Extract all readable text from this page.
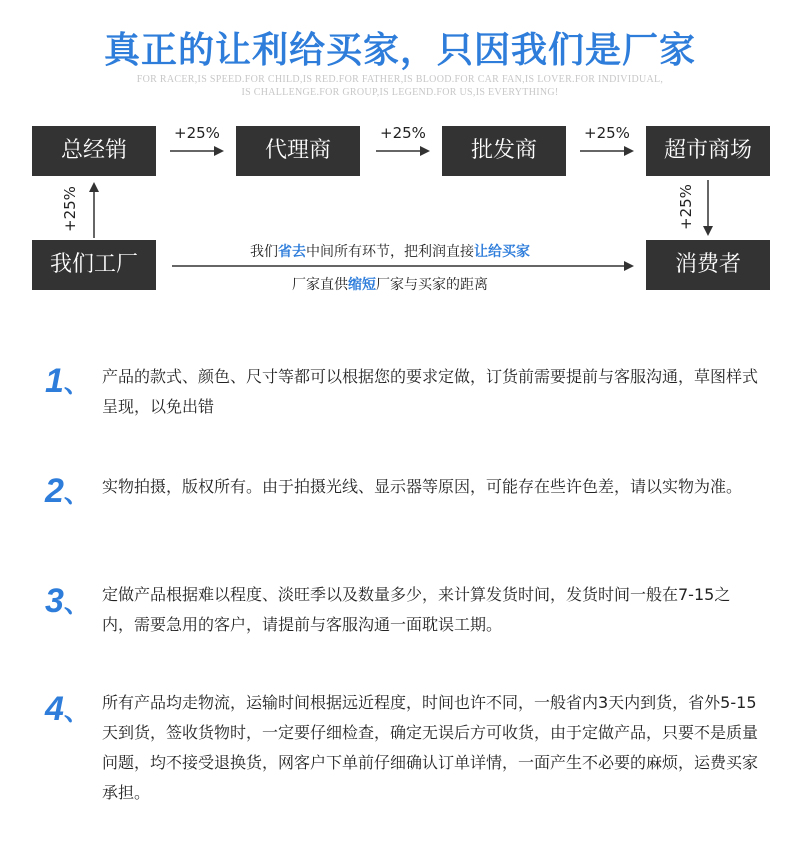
真正的让利给买家，只因我们是厂家
FOR RACER,IS SPEED.FOR CHILD,IS RED.FOR FATHER,IS BLOOD.FOR CAR FAN,IS LOVER.FOR INDIVIDUAL,
IS CHALLENGE.FOR GROUP,IS LEGEND.FOR US,IS EVERYTHING!
总经销	代理商	批发商	超市商场
我们工厂	消费者
+25%	+25%	+25%
+25%	+25%
我们省去中间所有环节，把利润直接让给买家
厂家直供缩短厂家与买家的距离
1、 产品的款式、颜色、尺寸等都可以根据您的要求定做，订货前需要提前与客服沟通，草图样式呈现，以免出错
2、 实物拍摄，版权所有。由于拍摄光线、显示器等原因，可能存在些许色差，请以实物为准。
3、 定做产品根据难以程度、淡旺季以及数量多少，来计算发货时间，发货时间一般在7-15之内，需要急用的客户，请提前与客服沟通一面耽误工期。
4、 所有产品均走物流，运输时间根据远近程度，时间也许不同，一般省内3天内到货，省外5-15天到货，签收货物时，一定要仔细检查，确定无误后方可收货，由于定做产品，只要不是质量问题，均不接受退换货，网客户下单前仔细确认订单详情，一面产生不必要的麻烦，运费买家承担。
